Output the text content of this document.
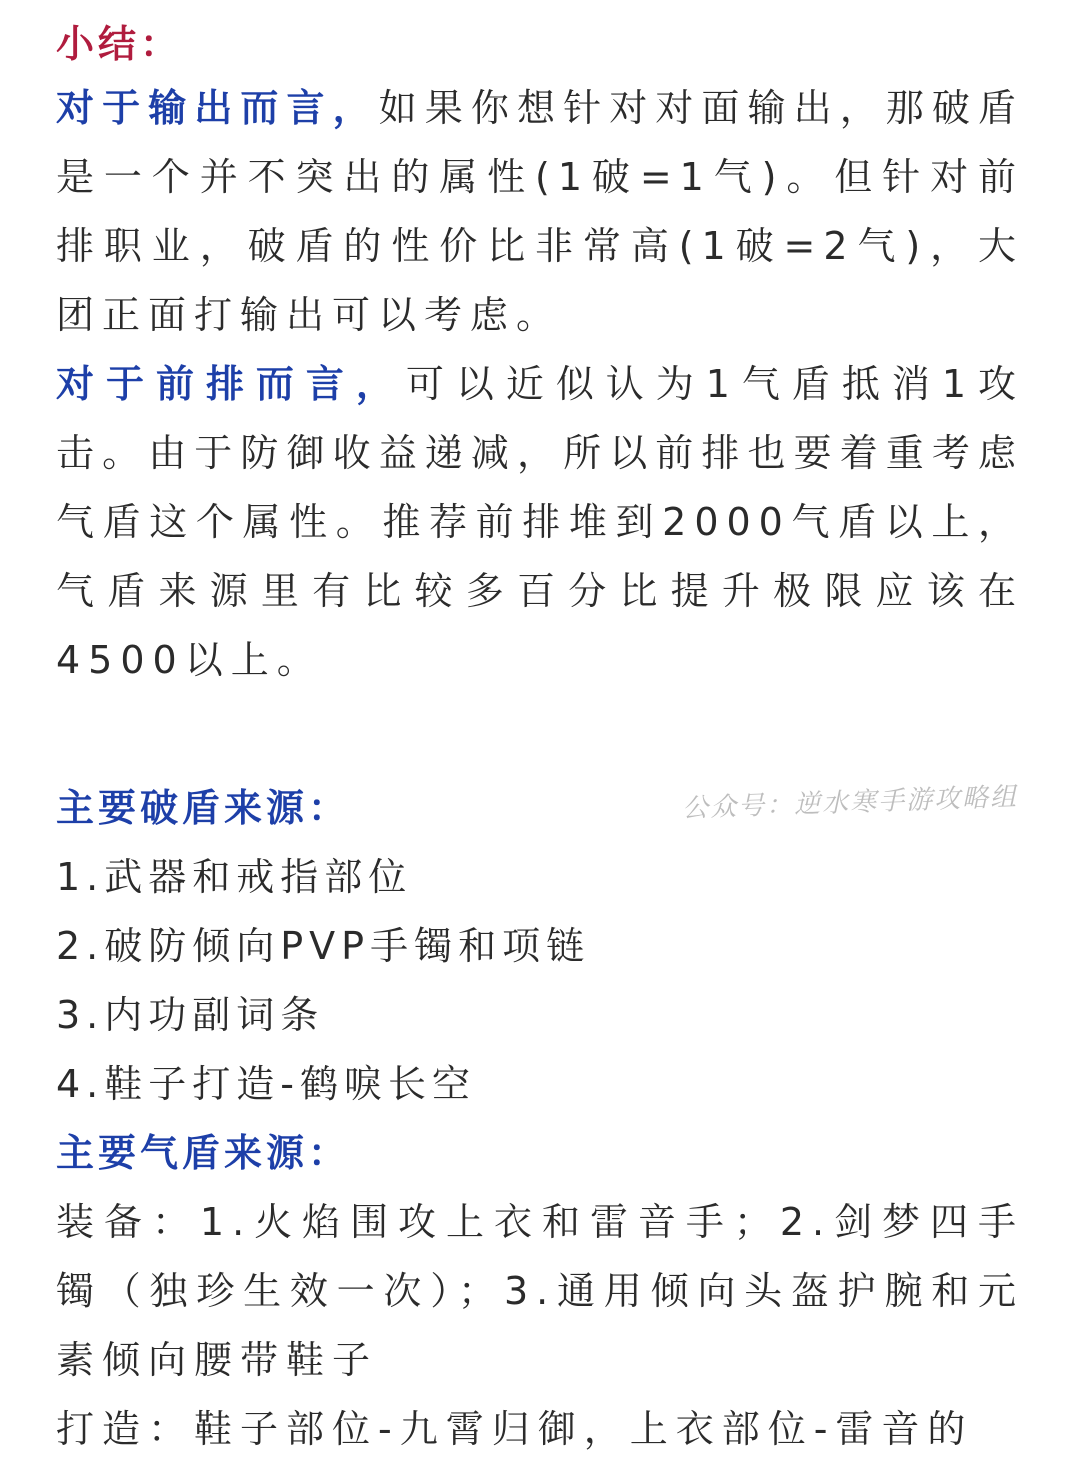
小结：

对于输出而言，如果你想针对对面输出，那破盾是一个并不突出的属性(1破=1气)。但针对前排职业，破盾的性价比非常高(1破=2气)，大团正面打输出可以考虑。

对于前排而言，可以近似认为1气盾抵消1攻击。由于防御收益递减，所以前排也要着重考虑气盾这个属性。推荐前排堆到2000气盾以上，气盾来源里有比较多百分比提升极限应该在4500以上。

主要破盾来源：	公众号：逆水寒手游攻略组
1.武器和戒指部位
2.破防倾向PVP手镯和项链
3.内功副词条
4.鞋子打造-鹤唳长空
主要气盾来源：

装备：1.火焰围攻上衣和雷音手；2.剑梦四手镯（独珍生效一次）；3.通用倾向头盔护腕和元素倾向腰带鞋子

打造：鞋子部位-九霄归御，上衣部位-雷音的
